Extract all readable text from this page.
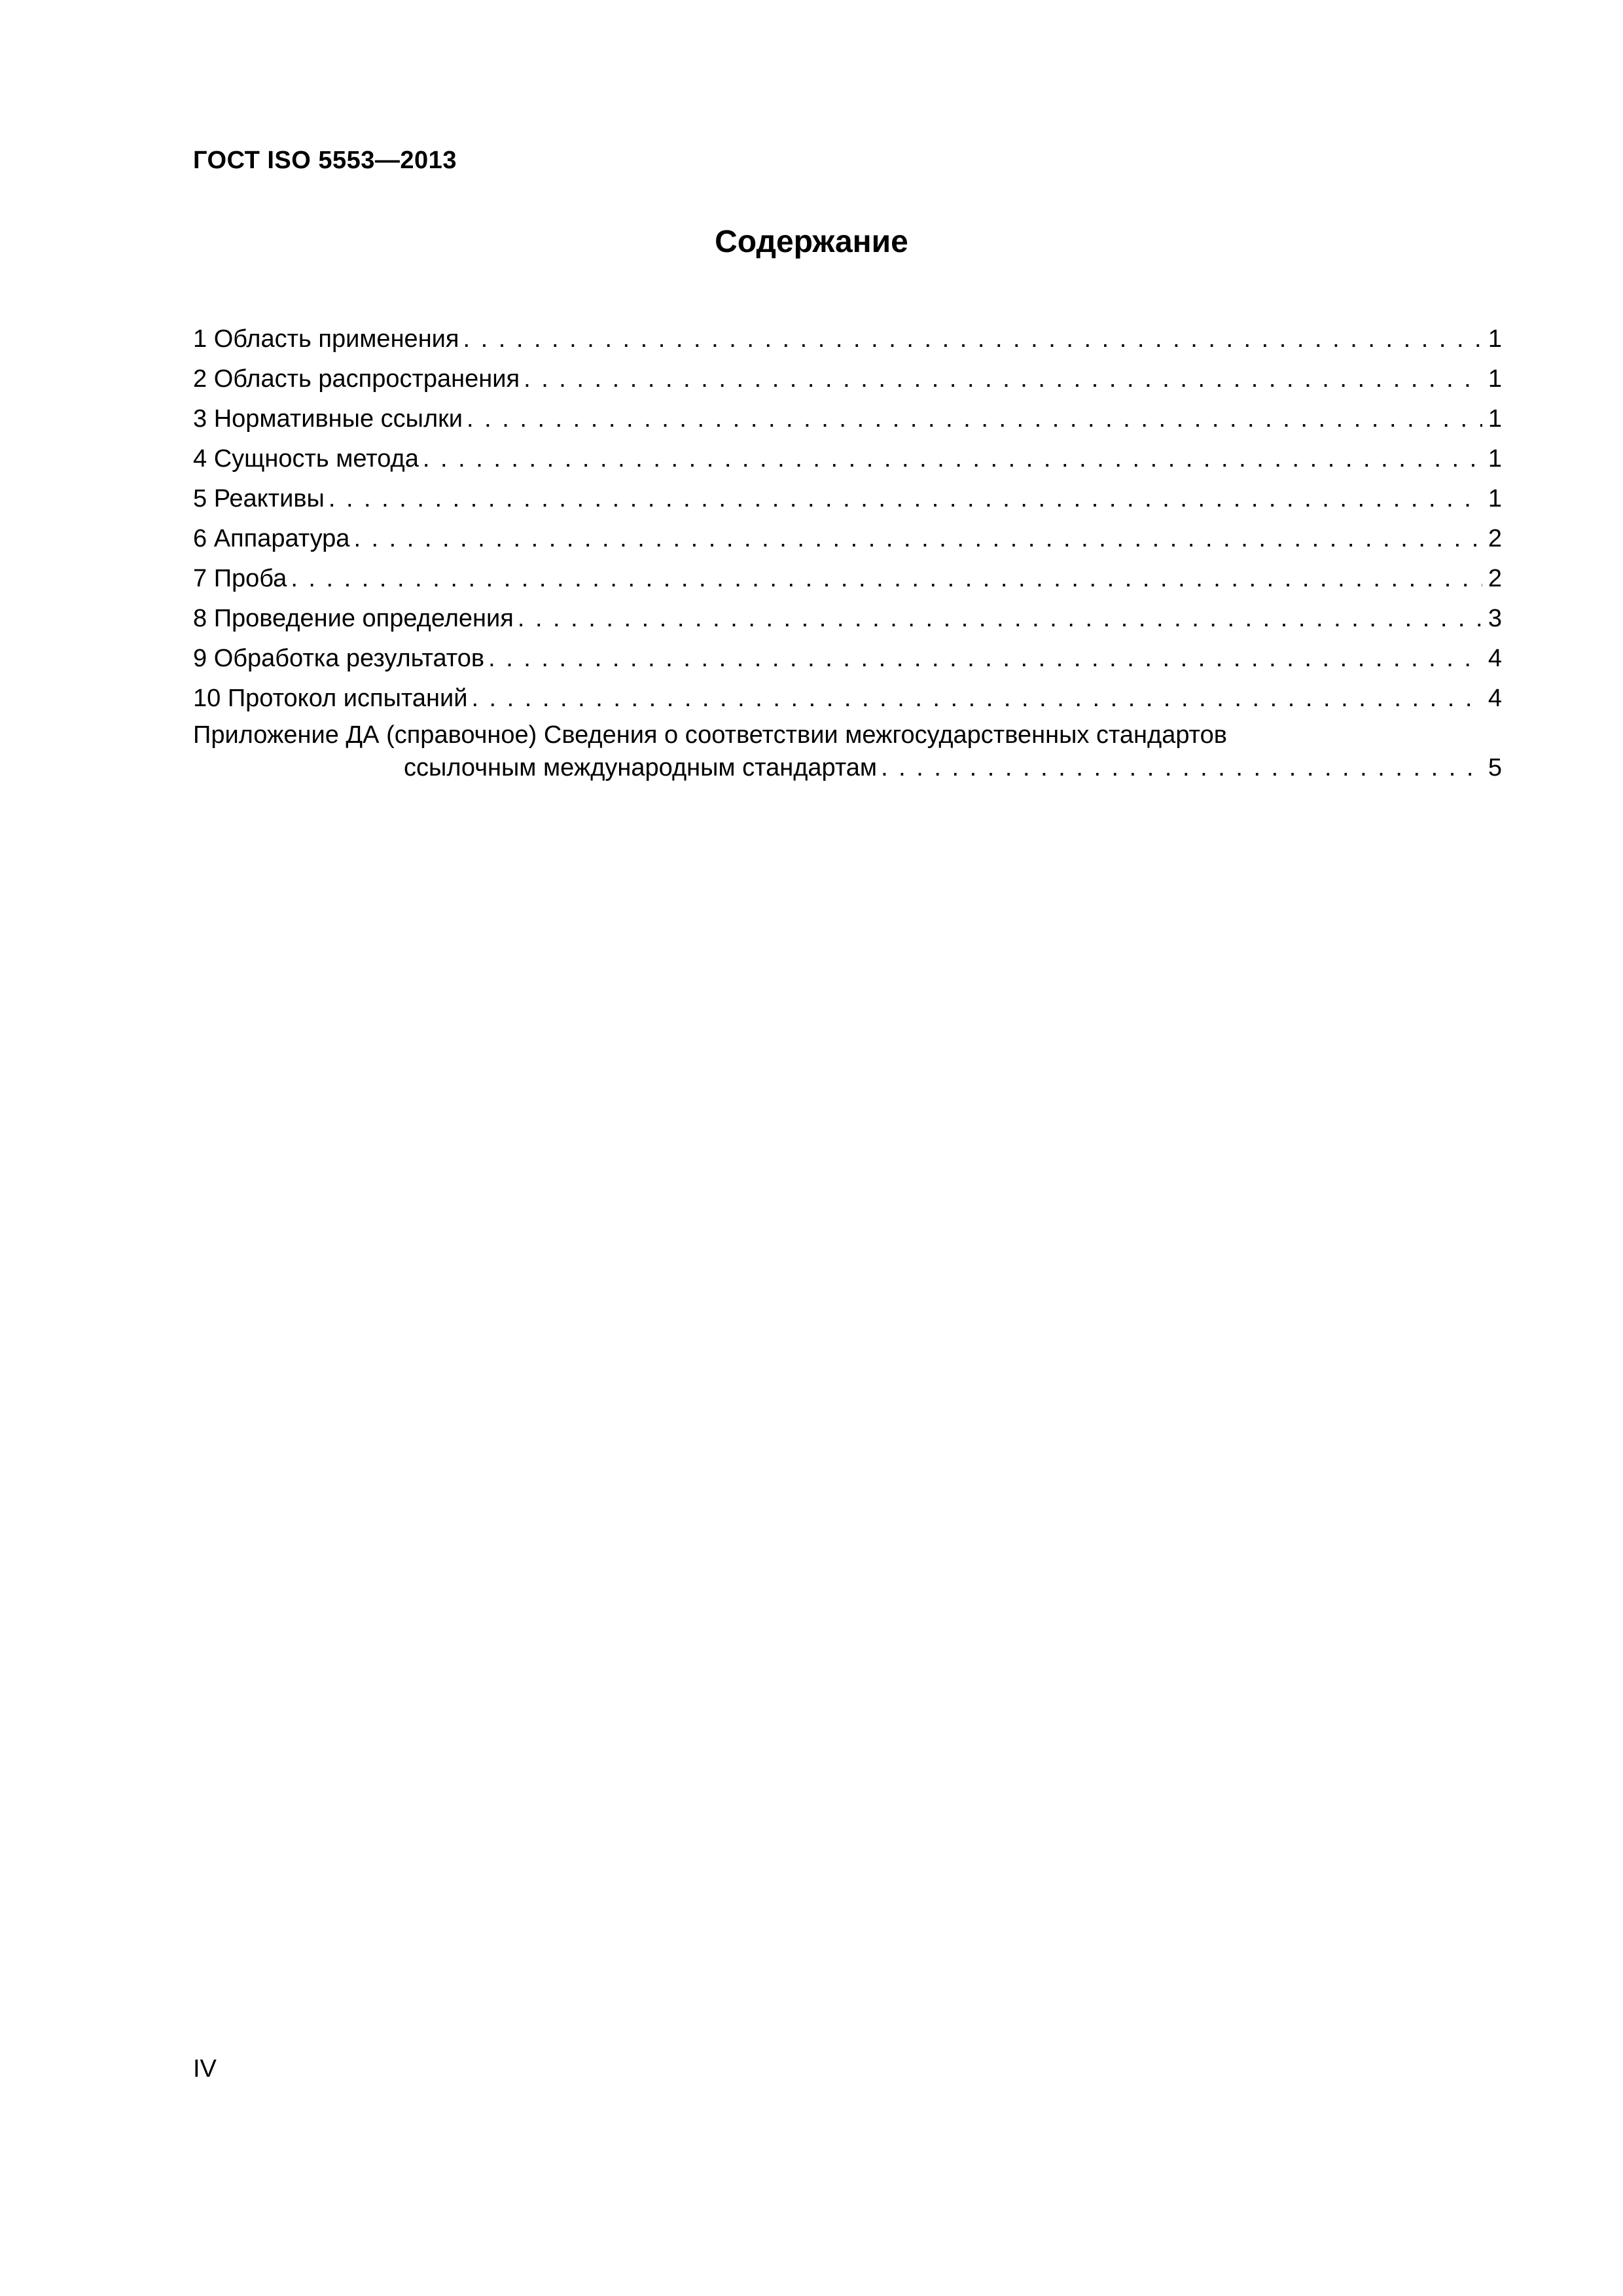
ГОСТ ISO 5553—2013
Содержание
1 Область применения . . .	1
2 Область распространения . . .	1
3 Нормативные ссылки . . .	1
4 Сущность метода . . .	1
5 Реактивы . . .	1
6 Аппаратура . . .	2
7 Проба . . .	2
8 Проведение определения . . .	3
9 Обработка результатов . . .	4
10 Протокол испытаний . . .	4
Приложение ДА (справочное) Сведения о соответствии межгосударственных стандартов
ссылочным международным стандартам . . .	5
IV
